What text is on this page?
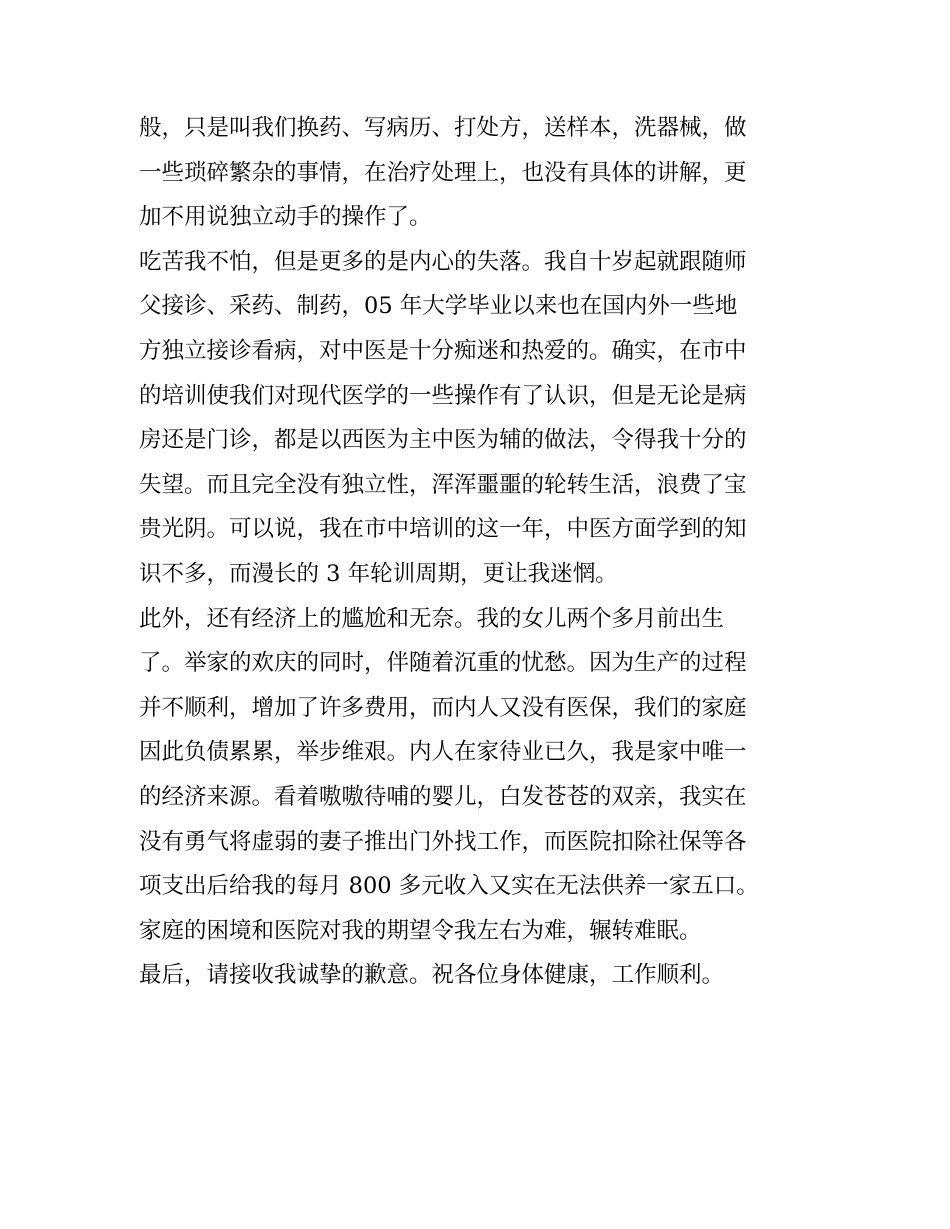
般，只是叫我们换药、写病历、打处方，送样本，洗器械，做
一些琐碎繁杂的事情，在治疗处理上，也没有具体的讲解，更
加不用说独立动手的操作了。
吃苦我不怕，但是更多的是内心的失落。我自十岁起就跟随师
父接诊、采药、制药，05 年大学毕业以来也在国内外一些地
方独立接诊看病，对中医是十分痴迷和热爱的。确实，在市中
的培训使我们对现代医学的一些操作有了认识，但是无论是病
房还是门诊，都是以西医为主中医为辅的做法，令得我十分的
失望。而且完全没有独立性，浑浑噩噩的轮转生活，浪费了宝
贵光阴。可以说，我在市中培训的这一年，中医方面学到的知
识不多，而漫长的 3 年轮训周期，更让我迷惘。
此外，还有经济上的尴尬和无奈。我的女儿两个多月前出生
了。举家的欢庆的同时，伴随着沉重的忧愁。因为生产的过程
并不顺利，增加了许多费用，而内人又没有医保，我们的家庭
因此负债累累，举步维艰。内人在家待业已久，我是家中唯一
的经济来源。看着嗷嗷待哺的婴儿，白发苍苍的双亲，我实在
没有勇气将虚弱的妻子推出门外找工作，而医院扣除社保等各
项支出后给我的每月 800 多元收入又实在无法供养一家五口。
家庭的困境和医院对我的期望令我左右为难，辗转难眠。
最后，请接收我诚挚的歉意。祝各位身体健康，工作顺利。
